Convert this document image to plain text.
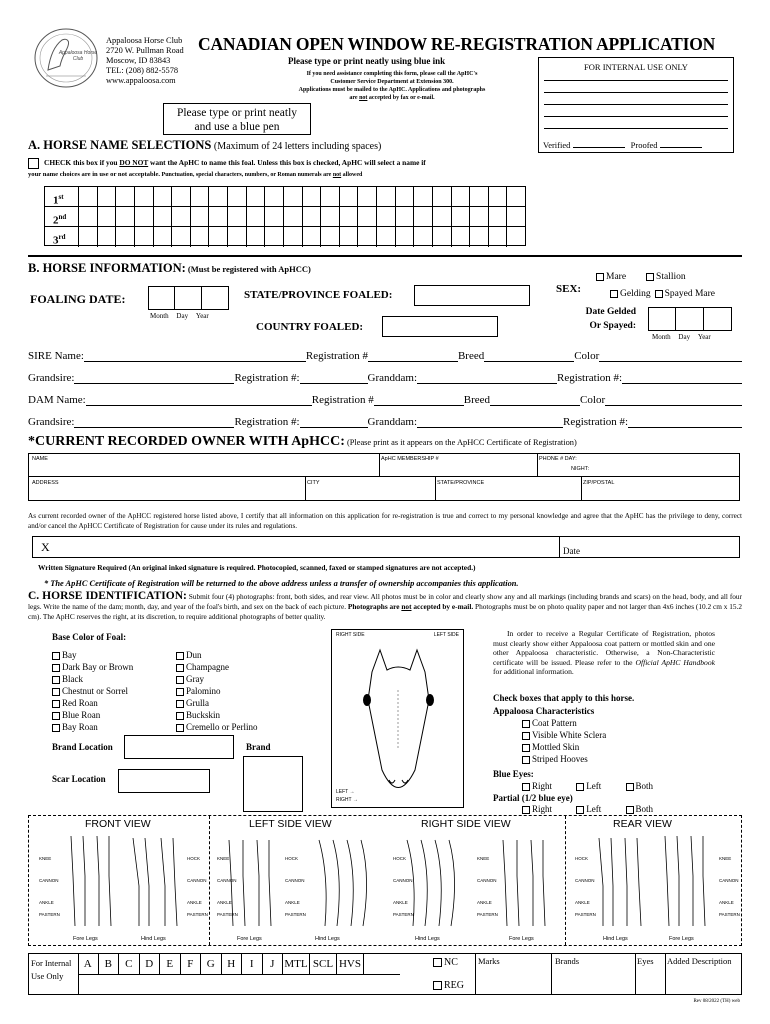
Appaloosa Horse Club
Appaloosa Horse Club
2720 W. Pullman Road
Moscow, ID 83843
TEL: (208) 882-5578
www.appaloosa.com
CANADIAN OPEN WINDOW RE-REGISTRATION APPLICATION
Please type or print neatly using blue ink
If you need assistance completing this form, please call the ApHC's
Customer Service Department at Extension 300.
Applications must be mailed to the ApHC. Applications and photographs
are not accepted by fax or e-mail.
Please type or print neatly
and use a blue pen
FOR INTERNAL USE ONLY
Verified	Proofed
A. HORSE NAME SELECTIONS (Maximum of 24 letters including spaces)
CHECK this box if you DO NOT want the ApHC to name this foal. Unless this box is checked, ApHC will select a name if
your name choices are in use or not acceptable. Punctuation, special characters, numbers, or Roman numerals are not allowed
1st
2nd
3rd
B. HORSE INFORMATION: (Must be registered with ApHCC)
FOALING DATE:
Month Day Year
STATE/PROVINCE FOALED:
COUNTRY FOALED:
SEX:
Mare	Stallion
Gelding Spayed Mare
Date Gelded
Or Spayed:
Month Day Year
SIRE Name:	Registration #	Breed	Color
Grandsire:	Registration #:	Granddam:	Registration #:
DAM Name:	Registration #	Breed	Color
Grandsire:	Registration #:	Granddam:	Registration #:
*CURRENT RECORDED OWNER WITH ApHCC: (Please print as it appears on the ApHCC Certificate of Registration)
NAME	ApHC MEMBERSHIP #	PHONE # DAY:
NIGHT:
ADDRESS	CITY	STATE/PROVINCE	ZIP/POSTAL
As current recorded owner of the ApHCC registered horse listed above, I certify that all information on this application for re-registration is true and correct to my personal knowledge and agree that the ApHC has the privilege to deny, correct and/or cancel the ApHCC Certificate of Registration for cause under its rules and regulations.
X	Date
Written Signature Required (An original inked signature is required. Photocopied, scanned, faxed or stamped signatures are not accepted.)
* The ApHC Certificate of Registration will be returned to the above address unless a transfer of ownership accompanies this application.
C. HORSE IDENTIFICATION: Submit four (4) photographs: front, both sides, and rear view. All photos must be in color and clearly show any and all markings (including brands and scars) on the head, body, and all four legs. Write the name of the dam; month, day, and year of the foal's birth, and sex on the back of each picture. Photographs are not accepted by e-mail. Photographs must be on photo quality paper and not larger than 4x6 inches (10.2 cm x 15.2 cm). The ApHC reserves the right, at its discretion, to require additional photographs of better quality.
Base Color of Foal:
Bay
Dark Bay or Brown
Black
Chestnut or Sorrel
Red Roan
Blue Roan
Bay Roan
Dun
Champagne
Gray
Palomino
Grulla
Buckskin
Cremello or Perlino
Brand Location	Brand
Scar Location
RIGHT SIDE	LEFT SIDE
LEFT →
RIGHT →
In order to receive a Regular Certificate of Registration, photos must clearly show either Appaloosa coat pattern or mottled skin and one other Appaloosa characteristic. Otherwise, a Non-Characteristic certificate will be issued. Please refer to the Official ApHC Handbook for additional information.
Check boxes that apply to this horse.
Appaloosa Characteristics
Coat Pattern
Visible White Sclera
Mottled Skin
Striped Hooves
Blue Eyes:
Right	Left	Both
Partial (1/2 blue eye)
Right	Left	Both
FRONT VIEW	LEFT SIDE VIEW	RIGHT SIDE VIEW	REAR VIEW
Fore Legs	Hind Legs	Fore Legs	Hind Legs	Hind Legs	Fore Legs	Hind Legs	Fore Legs
KNEE
CANNON
ANKLE
PASTERN
HOCK
CANNON
ANKLE
PASTERN
KNEE
CANNON
ANKLE
PASTERN
HOCK
CANNON
ANKLE
PASTERN
HOCK
CANNON
ANKLE
PASTERN
KNEE
CANNON
ANKLE
PASTERN
HOCK
CANNON
ANKLE
PASTERN
KNEE
CANNON
ANKLE
PASTERN
For Internal
Use Only
A	B	C	D	E	F	G	H	I	J MTL SCL HVS	NC
REG
Marks	Brands	Eyes Added Description
Rev 08/2022 (TH) web
